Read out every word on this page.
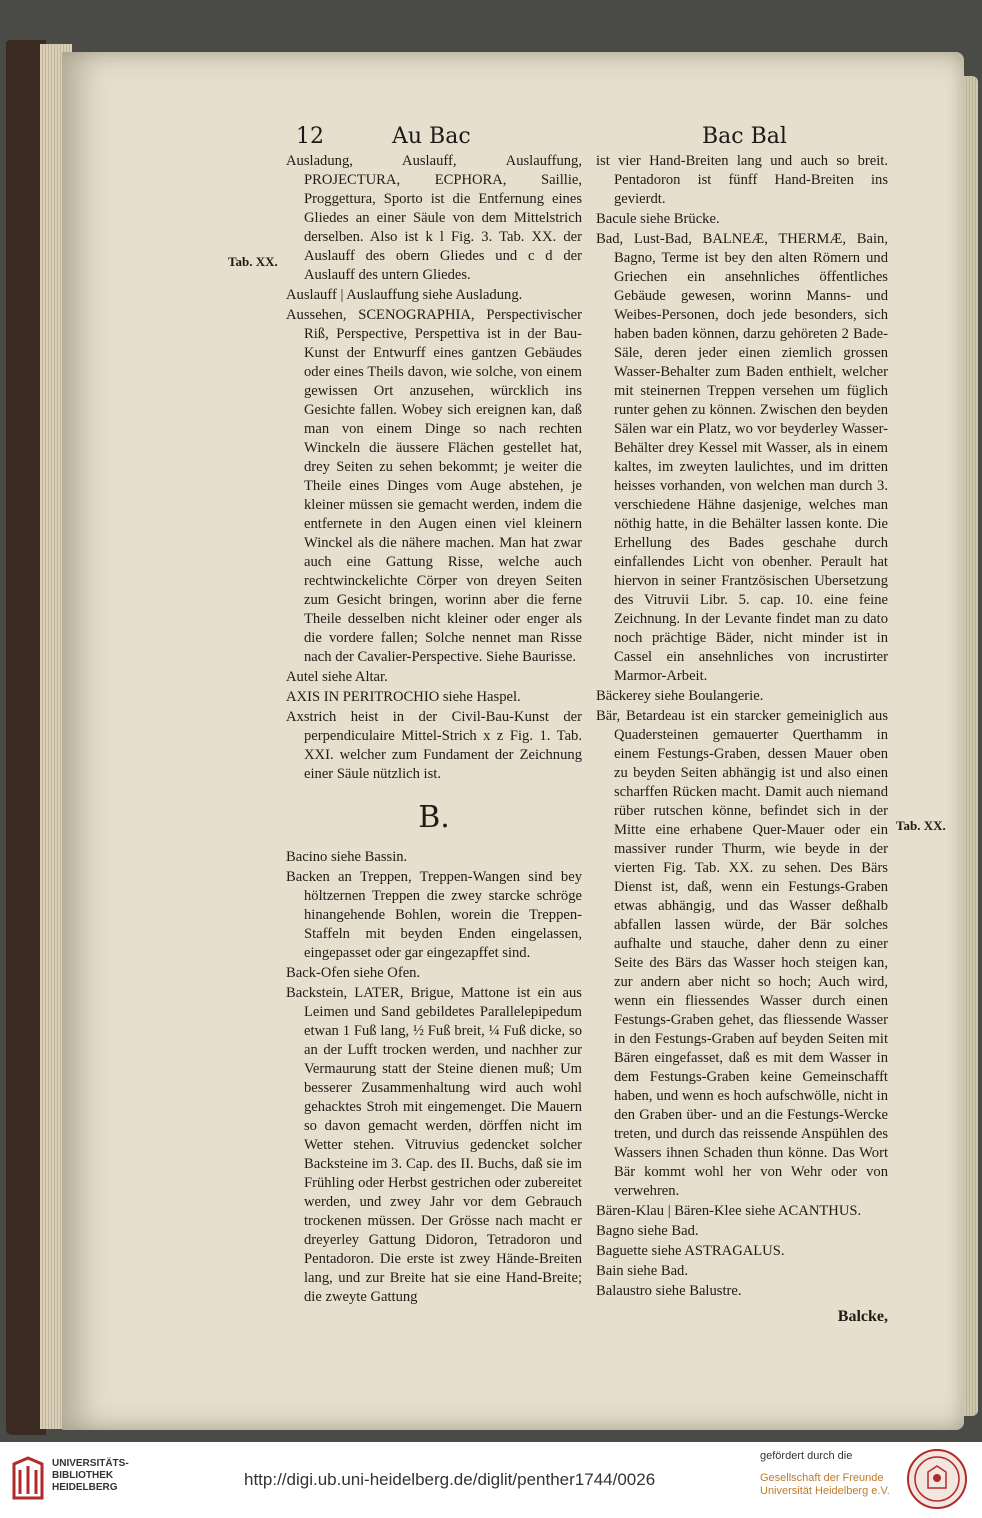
12	Au Bac	Bac Bal
Tab. XX.
Tab. XX.

Ausladung, Auslauff, Auslauffung, PROJECTURA, ECPHORA, Saillie, Proggettura, Sporto ist die Entfernung eines Gliedes an einer Säule von dem Mittelstrich derselben. Also ist k l Fig. 3. Tab. XX. der Auslauff des obern Gliedes und c d der Auslauff des untern Gliedes.

Auslauff | Auslauffung siehe Ausladung.

Aussehen, SCENOGRAPHIA, Perspectivischer Riß, Perspective, Perspettiva ist in der Bau-Kunst der Entwurff eines gantzen Gebäudes oder eines Theils davon, wie solche, von einem gewissen Ort anzusehen, würcklich ins Gesichte fallen. Wobey sich ereignen kan, daß man von einem Dinge so nach rechten Winckeln die äussere Flächen gestellet hat, drey Seiten zu sehen bekommt; je weiter die Theile eines Dinges vom Auge abstehen, je kleiner müssen sie gemacht werden, indem die entfernete in den Augen einen viel kleinern Winckel als die nähere machen. Man hat zwar auch eine Gattung Risse, welche auch rechtwinckelichte Cörper von dreyen Seiten zum Gesicht bringen, worinn aber die ferne Theile desselben nicht kleiner oder enger als die vordere fallen; Solche nennet man Risse nach der Cavalier-Perspective. Siehe Baurisse.

Autel siehe Altar.

AXIS IN PERITROCHIO siehe Haspel.

Axstrich heist in der Civil-Bau-Kunst der perpendiculaire Mittel-Strich x z Fig. 1. Tab. XXI. welcher zum Fundament der Zeichnung einer Säule nützlich ist.

B.

Bacino siehe Bassin.

Backen an Treppen, Treppen-Wangen sind bey höltzernen Treppen die zwey starcke schröge hinangehende Bohlen, worein die Treppen-Staffeln mit beyden Enden eingelassen, eingepasset oder gar eingezapffet sind.

Back-Ofen siehe Ofen.

Backstein, LATER, Brigue, Mattone ist ein aus Leimen und Sand gebildetes Parallelepipedum etwan 1 Fuß lang, ½ Fuß breit, ¼ Fuß dicke, so an der Lufft trocken werden, und nachher zur Vermaurung statt der Steine dienen muß; Um besserer Zusammenhaltung wird auch wohl gehacktes Stroh mit eingemenget. Die Mauern so davon gemacht werden, dörffen nicht im Wetter stehen. Vitruvius gedencket solcher Backsteine im 3. Cap. des II. Buchs, daß sie im Frühling oder Herbst gestrichen oder zubereitet werden, und zwey Jahr vor dem Gebrauch trockenen müssen. Der Grösse nach macht er dreyerley Gattung Didoron, Tetradoron und Pentadoron. Die erste ist zwey Hände-Breiten lang, und zur Breite hat sie eine Hand-Breite; die zweyte Gattung

ist vier Hand-Breiten lang und auch so breit. Pentadoron ist fünff Hand-Breiten ins gevierdt.

Bacule siehe Brücke.

Bad, Lust-Bad, BALNEÆ, THERMÆ, Bain, Bagno, Terme ist bey den alten Römern und Griechen ein ansehnliches öffentliches Gebäude gewesen, worinn Manns- und Weibes-Personen, doch jede besonders, sich haben baden können, darzu gehöreten 2 Bade-Säle, deren jeder einen ziemlich grossen Wasser-Behalter zum Baden enthielt, welcher mit steinernen Treppen versehen um füglich runter gehen zu können. Zwischen den beyden Sälen war ein Platz, wo vor beyderley Wasser-Behälter drey Kessel mit Wasser, als in einem kaltes, im zweyten laulichtes, und im dritten heisses vorhanden, von welchen man durch 3. verschiedene Hähne dasjenige, welches man nöthig hatte, in die Behälter lassen konte. Die Erhellung des Bades geschahe durch einfallendes Licht von obenher. Perault hat hiervon in seiner Frantzösischen Ubersetzung des Vitruvii Libr. 5. cap. 10. eine feine Zeichnung. In der Levante findet man zu dato noch prächtige Bäder, nicht minder ist in Cassel ein ansehnliches von incrustirter Marmor-Arbeit.

Bäckerey siehe Boulangerie.

Bär, Betardeau ist ein starcker gemeiniglich aus Quadersteinen gemauerter Querthamm in einem Festungs-Graben, dessen Mauer oben zu beyden Seiten abhängig ist und also einen scharffen Rücken macht. Damit auch niemand rüber rutschen könne, befindet sich in der Mitte eine erhabene Quer-Mauer oder ein massiver runder Thurm, wie beyde in der vierten Fig. Tab. XX. zu sehen. Des Bärs Dienst ist, daß, wenn ein Festungs-Graben etwas abhängig, und das Wasser deßhalb abfallen lassen würde, der Bär solches aufhalte und stauche, daher denn zu einer Seite des Bärs das Wasser hoch steigen kan, zur andern aber nicht so hoch; Auch wird, wenn ein fliessendes Wasser durch einen Festungs-Graben gehet, das fliessende Wasser in den Festungs-Graben auf beyden Seiten mit Bären eingefasset, daß es mit dem Wasser in dem Festungs-Graben keine Gemeinschafft haben, und wenn es hoch aufschwölle, nicht in den Graben über- und an die Festungs-Wercke treten, und durch das reissende Anspühlen des Wassers ihnen Schaden thun könne. Das Wort Bär kommt wohl her von Wehr oder von verwehren.

Bären-Klau | Bären-Klee siehe ACANTHUS.

Bagno siehe Bad.

Baguette siehe ASTRAGALUS.

Bain siehe Bad.

Balaustro siehe Balustre.

Balcke,
UNIVERSITÄTS-
BIBLIOTHEK
HEIDELBERG	http://digi.ub.uni-heidelberg.de/diglit/penther1744/0026
gefördert durch die
Gesellschaft der Freunde
Universität Heidelberg e.V.
